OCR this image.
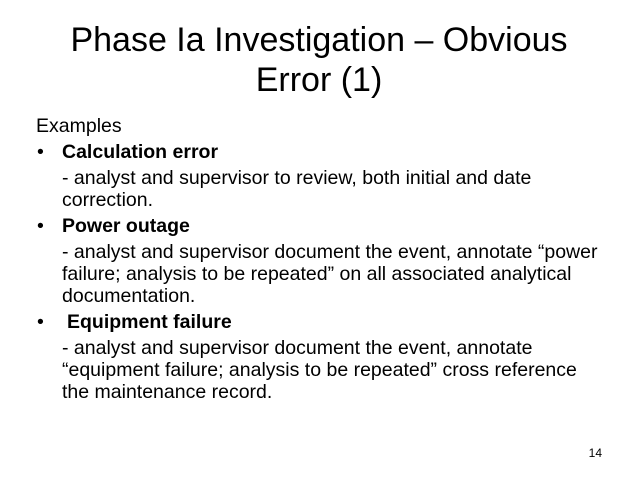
Phase Ia Investigation – Obvious
Error (1)
Examples
• Calculation error
- analyst and supervisor to review, both initial and date correction.
• Power outage
- analyst and supervisor document the event, annotate “power failure; analysis to be repeated” on all associated analytical documentation.
• Equipment failure
- analyst and supervisor document the event, annotate “equipment failure; analysis to be repeated” cross reference the maintenance record.
14
